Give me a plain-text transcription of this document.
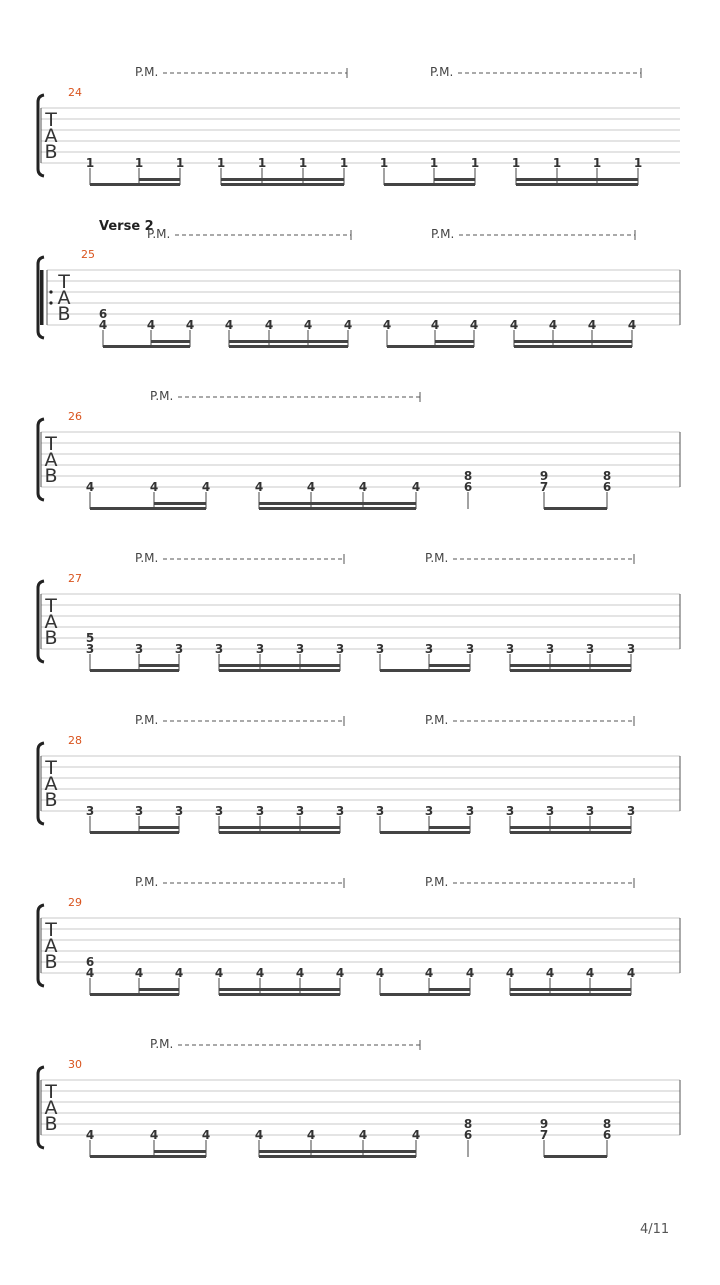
T
A
B
24
P.M.	P.M.
1	1	1	1	1	1	1	1	1	1	1	1	1	1
T
A
B
25
Verse 2
P.M.	P.M.
6
4	4	4	4	4	4	4	4	4	4	4	4	4	4
T
A
B
26
P.M.
4	4	4	4	4	4	4
8
6
9
7
8
6
T
A
B
27
P.M.	P.M.
5
3	3	3	3	3	3	3	3	3	3	3	3	3	3
T
A
B
28
P.M.	P.M.
3	3	3	3	3	3	3	3	3	3	3	3	3	3
T
A
B
29
P.M.	P.M.
6
4	4	4	4	4	4	4	4	4	4	4	4	4	4
T
A
B
30
P.M.
4	4	4	4	4	4	4
8
6
9
7
8
6
4/11
